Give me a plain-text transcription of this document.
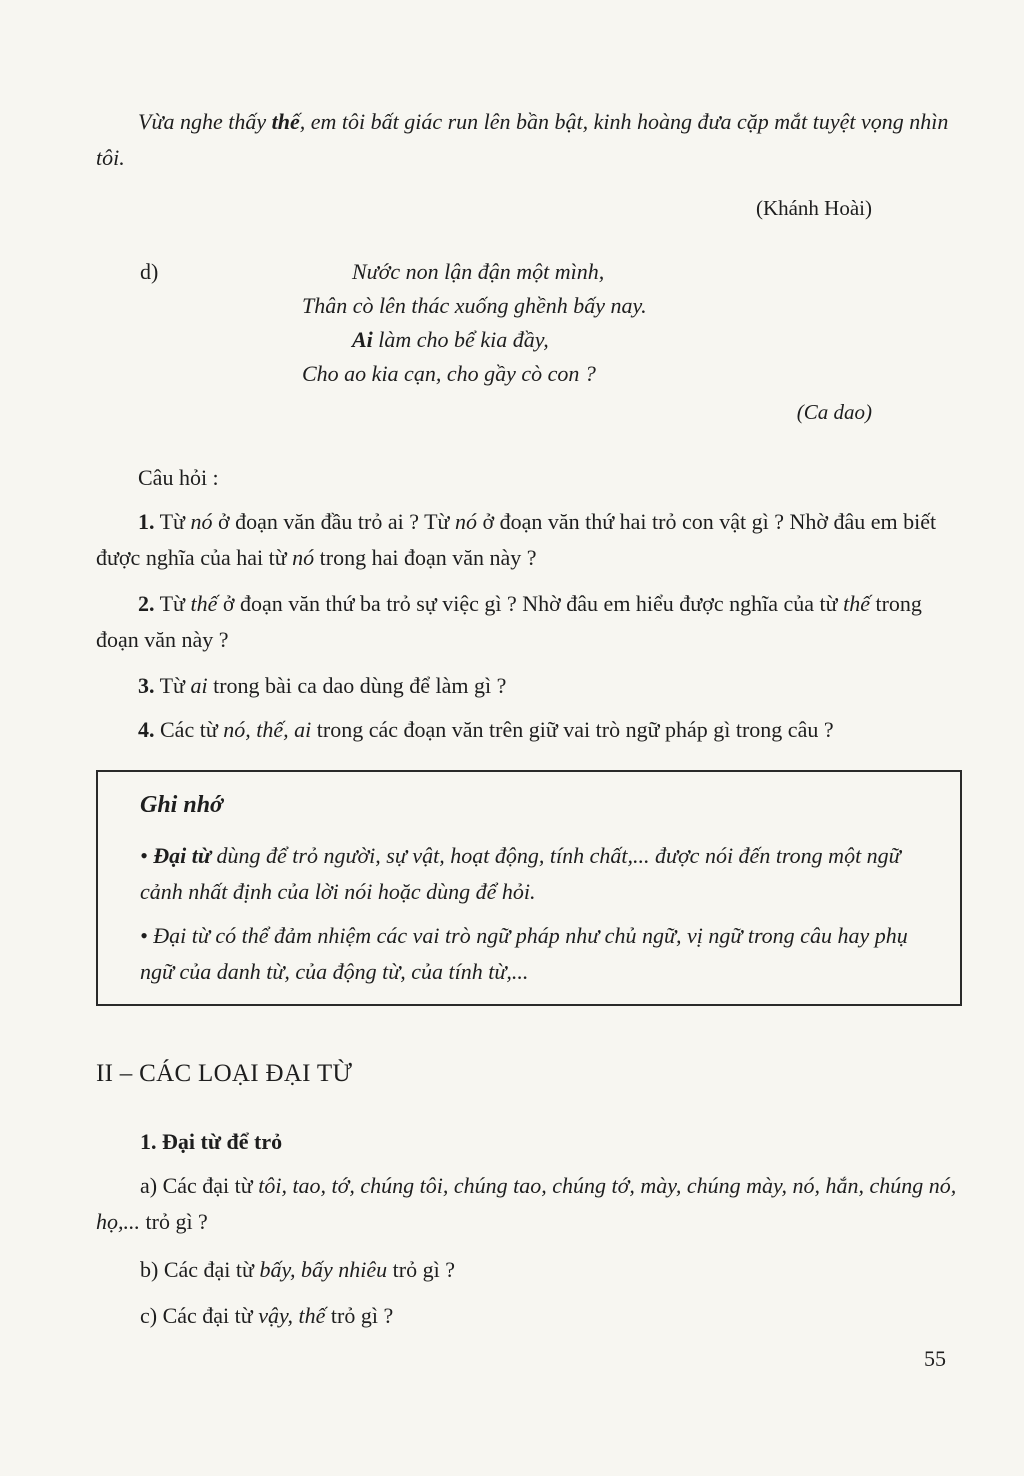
Vừa nghe thấy thế, em tôi bất giác run lên bần bật, kinh hoàng đưa cặp mắt tuyệt vọng nhìn tôi.
(Khánh Hoài)
d)	Nước non lận đận một mình,
Thân cò lên thác xuống ghềnh bấy nay.
Ai làm cho bể kia đầy,
Cho ao kia cạn, cho gầy cò con ?
(Ca dao)
Câu hỏi :
1. Từ nó ở đoạn văn đầu trỏ ai ? Từ nó ở đoạn văn thứ hai trỏ con vật gì ? Nhờ đâu em biết được nghĩa của hai từ nó trong hai đoạn văn này ?
2. Từ thế ở đoạn văn thứ ba trỏ sự việc gì ? Nhờ đâu em hiểu được nghĩa của từ thế trong đoạn văn này ?
3. Từ ai trong bài ca dao dùng để làm gì ?
4. Các từ nó, thế, ai trong các đoạn văn trên giữ vai trò ngữ pháp gì trong câu ?
Ghi nhớ
• Đại từ dùng để trỏ người, sự vật, hoạt động, tính chất,... được nói đến trong một ngữ cảnh nhất định của lời nói hoặc dùng để hỏi.
• Đại từ có thể đảm nhiệm các vai trò ngữ pháp như chủ ngữ, vị ngữ trong câu hay phụ ngữ của danh từ, của động từ, của tính từ,...
II – CÁC LOẠI ĐẠI TỪ
1. Đại từ để trỏ
a) Các đại từ tôi, tao, tớ, chúng tôi, chúng tao, chúng tớ, mày, chúng mày, nó, hắn, chúng nó, họ,... trỏ gì ?
b) Các đại từ bấy, bấy nhiêu trỏ gì ?
c) Các đại từ vậy, thế trỏ gì ?
55
